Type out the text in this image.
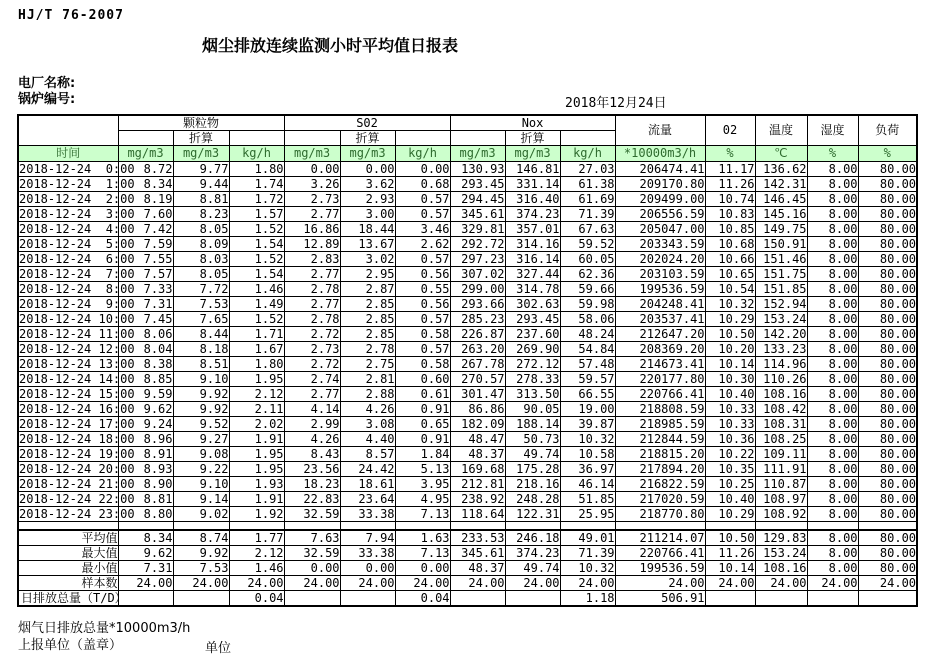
HJ/T 76-2007
烟尘排放连续监测小时平均值日报表
电厂名称:
锅炉编号:	2018年12月24日
	颗粒物			S02			Nox			流量	02	温度	湿度	负荷
		折算			折算			折算						
时间	mg/m3	mg/m3	kg/h	mg/m3	mg/m3	kg/h	mg/m3	mg/m3	kg/h	*10000m3/h	%	℃	%	%
2018-12-24  0:00	8.72	9.77	1.80	0.00	0.00	0.00	130.93	146.81	27.03	206474.41	11.17	136.62	8.00	80.00
2018-12-24  1:00	8.34	9.44	1.74	3.26	3.62	0.68	293.45	331.14	61.38	209170.80	11.26	142.31	8.00	80.00
2018-12-24  2:00	8.19	8.81	1.72	2.73	2.93	0.57	294.45	316.40	61.69	209499.00	10.74	146.45	8.00	80.00
2018-12-24  3:00	7.60	8.23	1.57	2.77	3.00	0.57	345.61	374.23	71.39	206556.59	10.83	145.16	8.00	80.00
2018-12-24  4:00	7.42	8.05	1.52	16.86	18.44	3.46	329.81	357.01	67.63	205047.00	10.85	149.75	8.00	80.00
2018-12-24  5:00	7.59	8.09	1.54	12.89	13.67	2.62	292.72	314.16	59.52	203343.59	10.68	150.91	8.00	80.00
2018-12-24  6:00	7.55	8.03	1.52	2.83	3.02	0.57	297.23	316.14	60.05	202024.20	10.66	151.46	8.00	80.00
2018-12-24  7:00	7.57	8.05	1.54	2.77	2.95	0.56	307.02	327.44	62.36	203103.59	10.65	151.75	8.00	80.00
2018-12-24  8:00	7.33	7.72	1.46	2.78	2.87	0.55	299.00	314.78	59.66	199536.59	10.54	151.85	8.00	80.00
2018-12-24  9:00	7.31	7.53	1.49	2.77	2.85	0.56	293.66	302.63	59.98	204248.41	10.32	152.94	8.00	80.00
2018-12-24 10:00	7.45	7.65	1.52	2.78	2.85	0.57	285.23	293.45	58.06	203537.41	10.29	153.24	8.00	80.00
2018-12-24 11:00	8.06	8.44	1.71	2.72	2.85	0.58	226.87	237.60	48.24	212647.20	10.50	142.20	8.00	80.00
2018-12-24 12:00	8.04	8.18	1.67	2.73	2.78	0.57	263.20	269.90	54.84	208369.20	10.20	133.23	8.00	80.00
2018-12-24 13:00	8.38	8.51	1.80	2.72	2.75	0.58	267.78	272.12	57.48	214673.41	10.14	114.96	8.00	80.00
2018-12-24 14:00	8.85	9.10	1.95	2.74	2.81	0.60	270.57	278.33	59.57	220177.80	10.30	110.26	8.00	80.00
2018-12-24 15:00	9.59	9.92	2.12	2.77	2.88	0.61	301.47	313.50	66.55	220766.41	10.40	108.16	8.00	80.00
2018-12-24 16:00	9.62	9.92	2.11	4.14	4.26	0.91	86.86	90.05	19.00	218808.59	10.33	108.42	8.00	80.00
2018-12-24 17:00	9.24	9.52	2.02	2.99	3.08	0.65	182.09	188.14	39.87	218985.59	10.33	108.31	8.00	80.00
2018-12-24 18:00	8.96	9.27	1.91	4.26	4.40	0.91	48.47	50.73	10.32	212844.59	10.36	108.25	8.00	80.00
2018-12-24 19:00	8.91	9.08	1.95	8.43	8.57	1.84	48.37	49.74	10.58	218815.20	10.22	109.11	8.00	80.00
2018-12-24 20:00	8.93	9.22	1.95	23.56	24.42	5.13	169.68	175.28	36.97	217894.20	10.35	111.91	8.00	80.00
2018-12-24 21:00	8.90	9.10	1.93	18.23	18.61	3.95	212.81	218.16	46.14	216822.59	10.25	110.87	8.00	80.00
2018-12-24 22:00	8.81	9.14	1.91	22.83	23.64	4.95	238.92	248.28	51.85	217020.59	10.40	108.97	8.00	80.00
2018-12-24 23:00	8.80	9.02	1.92	32.59	33.38	7.13	118.64	122.31	25.95	218770.80	10.29	108.92	8.00	80.00

平均值	8.34	8.74	1.77	7.63	7.94	1.63	233.53	246.18	49.01	211214.07	10.50	129.83	8.00	80.00
最大值	9.62	9.92	2.12	32.59	33.38	7.13	345.61	374.23	71.39	220766.41	11.26	153.24	8.00	80.00
最小值	7.31	7.53	1.46	0.00	0.00	0.00	48.37	49.74	10.32	199536.59	10.14	108.16	8.00	80.00
样本数	24.00	24.00	24.00	24.00	24.00	24.00	24.00	24.00	24.00	24.00	24.00	24.00	24.00	24.00
日排放总量（T/D）			0.04			0.04			1.18	506.91				
烟气日排放总量*10000m3/h
上报单位（盖章）	单位
